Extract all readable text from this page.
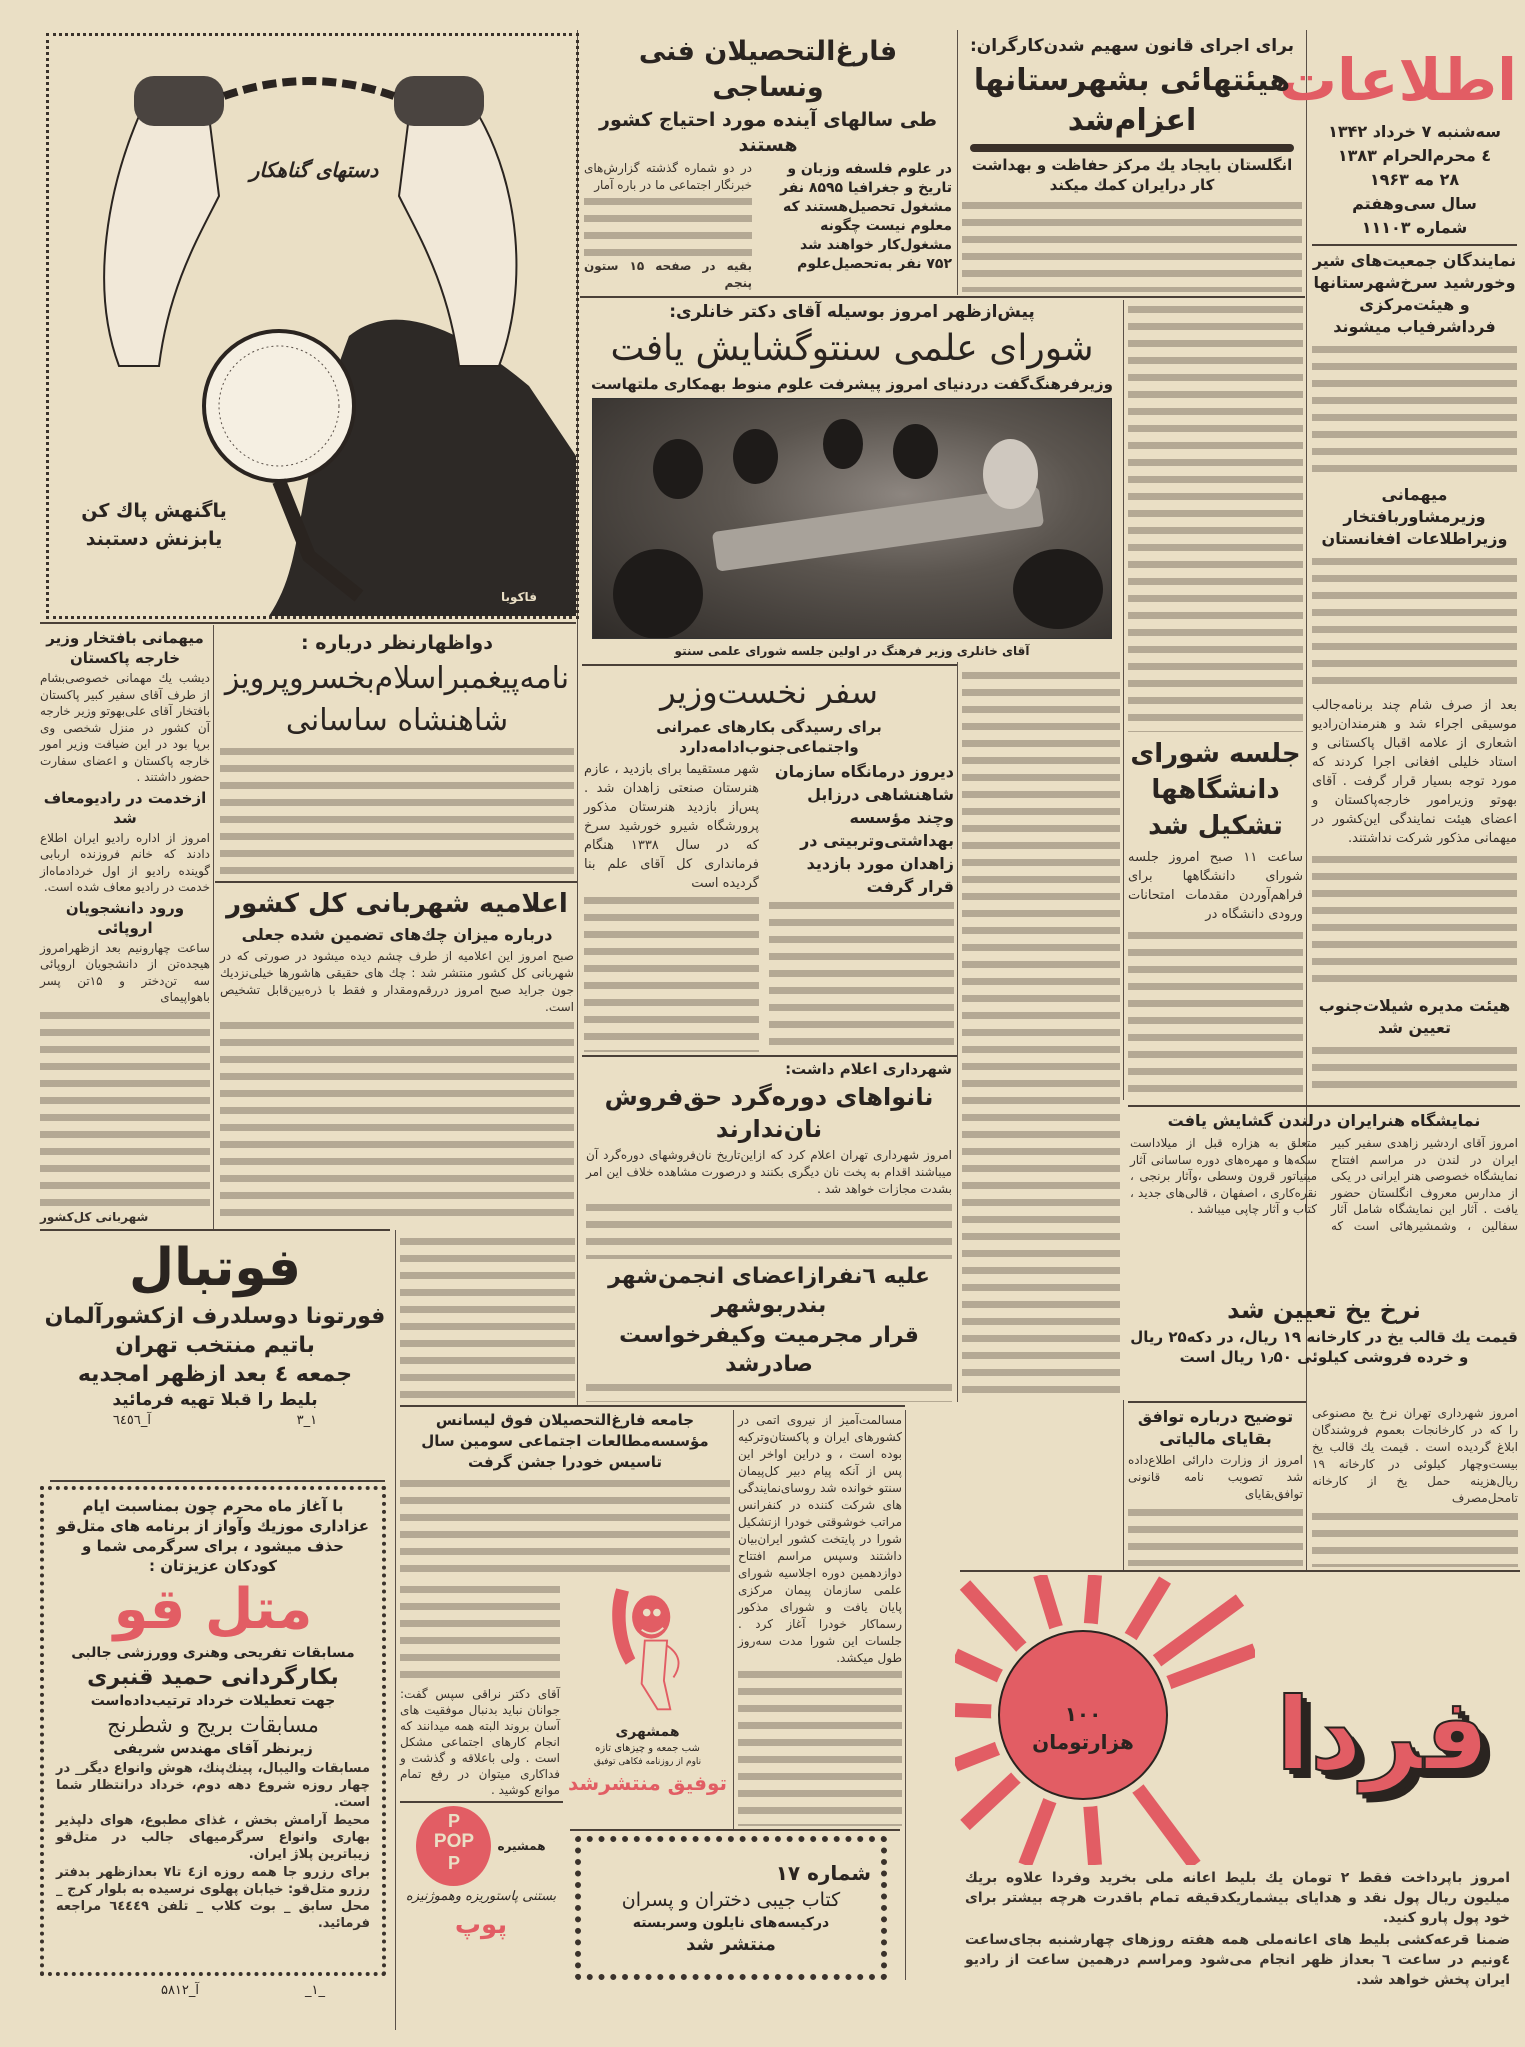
اطلاعات
سه‌شنبه ۷ خرداد ۱۳۴۲
٤ محرم‌الحرام ۱۳۸۳
۲۸ مه ۱۹۶۳
سال سی‌وهفتم
شماره ۱۱۱۰۳
نمایندگان جمعیت‌های شیر وخورشید سرخ‌شهرستانها و هیئت‌مرکزی فرداشرفیاب میشوند
میهمانی وزیرمشاوربافتخار وزیراطلاعات افغانستان
بعد از صرف شام چند برنامه‌جالب موسیقی اجراء شد و هنرمندان‌رادیو اشعاری از علامه اقبال پاکستانی و استاد خلیلی افغانی اجرا کردند که مورد توجه بسیار قرار گرفت . آقای بهوتو وزیرامور خارجه‌پاکستان و اعضای هیئت نمایندگی این‌کشور در میهمانی مذکور شرکت نداشتند.
هیئت مدیره شیلات‌جنوب تعیین شد
برای اجرای قانون سهیم شدن‌کارگران:
هیئتهائی بشهرستانها اعزام‌شد
انگلستان بایجاد یك مرکز حفاظت و بهداشت کار درایران کمك میکند
فارغ‌التحصیلان فنی ونساجی
طی سالهای آینده مورد احتیاج کشور هستند
در علوم فلسفه وزبان و تاریخ و جغرافیا ۸۵۹۵ نفر مشغول تحصیل‌هستند که معلوم نیست چگونه مشغول‌کار خواهند شد
۷۵۲ نفر به‌تحصیل‌علوم
در دو شماره گذشته گزارش‌های خبرنگار اجتماعی ما در باره آمار
بقیه در صفحه ۱۵ ستون پنجم
پیش‌ازظهر امروز بوسیله آقای دکتر خانلری:
شورای علمی سنتوگشایش یافت
وزیرفرهنگ‌گفت دردنیای امروز پیشرفت علوم منوط بهمکاری ملتهاست
آقای خانلری وزیر فرهنگ در اولین جلسه شورای علمی سنتو
جلسه شورای دانشگاهها تشکیل شد
ساعت ۱۱ صبح امروز جلسه شورای دانشگاهها برای فراهم‌آوردن مقدمات امتحانات ورودی دانشگاه در
سفر نخست‌وزیر
برای رسیدگی بکارهای عمرانی واجتماعی‌جنوب‌ادامه‌دارد
دیروز درمانگاه سازمان شاهنشاهی درزابل وچند مؤسسه بهداشتی‌وتربیتی در زاهدان مورد بازدید قرار گرفت
شهر مستقیما برای بازدید ، عازم هنرستان صنعتی زاهدان شد . پس‌از بازدید هنرستان مذکور پرورشگاه شیرو خورشید سرخ که در سال ۱۳۳۸ هنگام فرمانداری کل آقای علم بنا گردیده است
میهمانی بافتخار وزیر خارجه پاکستان
دیشب یك مهمانی خصوصی‌بشام از طرف آقای سفیر کبیر پاکستان بافتخار آقای علی‌بهوتو وزیر خارجه آن کشور در منزل شخصی وی برپا بود در این ضیافت وزیر امور خارجه پاکستان و اعضای سفارت حضور داشتند .
ازخدمت در رادیومعاف شد
امروز از اداره رادیو ایران اطلاع دادند که خانم فروزنده اربابی گوینده رادیو از اول خردادماه‌از خدمت در رادیو معاف شده است.
ورود دانشجویان اروپائی
ساعت چهارونیم بعد ازظهرامروز هیجده‌تن از دانشجویان اروپائی سه تن‌دختر و ۱۵تن پسر باهواپیمای
شهربانی کل‌کشور
دواظهارنظر درباره :
نامه‌پیغمبراسلام‌بخسروپرویز شاهنشاه ساسانی
اعلامیه شهربانی کل کشور
درباره میزان چك‌های تضمین شده جعلی
صبح امروز این اعلامیه از طرف چشم دیده میشود در صورتی که در شهربانی کل کشور منتشر شد : چك های حقیقی هاشورها خیلی‌نزدیك جون جراید صبح امروز دررقم‌ومقدار و فقط با ذره‌بین‌قابل تشخیص است.
شهرداری اعلام داشت:
نانواهای دوره‌گرد حق‌فروش نان‌ندارند
امروز شهرداری تهران اعلام کرد که ازاین‌تاریخ نان‌فروشهای دوره‌گرد آن میباشند اقدام به پخت نان دیگری بکنند و درصورت مشاهده خلاف این امر بشدت مجازات خواهد شد .
علیه ٦نفرازاعضای انجمن‌شهر بندربوشهر
قرار مجرمیت وکیفرخواست صادرشد
نمایشگاه هنرایران درلندن گشایش یافت
امروز آقای اردشیر زاهدی سفیر کبیر ایران در لندن در مراسم افتتاح نمایشگاه خصوصی هنر ایرانی در یکی از مدارس معروف انگلستان حضور یافت . آثار این نمایشگاه شامل آثار سفالین ، وشمشیرهائی است که متعلق به هزاره قبل از میلاداست سکه‌ها و مهره‌های دوره ساسانی آثار مینیاتور قرون وسطی ،وآثار برنجی ، نقره‌کاری ، اصفهان ، قالی‌های جدید ، کتاب و آثار چاپی میباشد .
نرخ یخ تعیین شد
قیمت یك قالب یخ در کارخانه ۱۹ ریال، در دکه‌۲۵ ریال و خرده فروشی کیلوئی ۱٫۵۰ ریال است
امروز شهرداری تهران نرخ یخ مصنوعی را که در کارخانجات بعموم فروشندگان ابلاغ گردیده است . قیمت یك قالب یخ بیست‌وچهار کیلوئی در کارخانه ۱۹ ریال‌هزینه حمل یخ از کارخانه تامحل‌مصرف
توضیح درباره توافق بقایای مالیاتی
امروز از وزارت دارائی اطلاع‌داده شد تصویب نامه قانونی توافق‌بقایای
جامعه فارغ‌التحصیلان فوق لیسانس مؤسسه‌مطالعات اجتماعی سومین سال تاسیس خودرا جشن گرفت
آقای دکتر نراقی سپس گفت: جوانان نباید بدنبال موفقیت های آسان بروند البته همه میدانند که انجام کارهای اجتماعی مشکل است . ولی باعلاقه و گذشت و فداکاری میتوان در رفع تمام موانع کوشید .
مسالمت‌آمیز از نیروی اتمی در کشورهای ایران و پاکستان‌وترکیه بوده است ، و دراین اواخر این پس از آنکه پیام دبیر کل‌پیمان سنتو خوانده شد روسای‌نمایندگی های شرکت کننده در کنفرانس مراتب خوشوقتی خودرا ازتشکیل شورا در پایتخت کشور ایران‌بیان داشتند وسپس مراسم افتتاح دوازدهمین دوره اجلاسیه شورای علمی سازمان پیمان مرکزی پایان یافت و شورای مذکور رسماکار خودرا آغاز کرد . جلسات این شورا مدت سه‌روز طول میکشد.
همشهری
شب جمعه و چیزهای تازه
ناوم از روزنامه فکاهی توفیق
توفیق منتشرشد
همشیره
P
POP
P
بستنی پاستوریزه وهموژنیزه
پوپ
شماره ۱۷
کتاب جیبی دختران و پسران
درکیسه‌های نایلون وسربسته
منتشر شد
۱۰۰ هزارتومان فردا
امروز باپرداخت فقط ۲ تومان یك بلیط اعانه ملی بخرید وفردا علاوه بریك میلیون ریال پول نقد و هدایای بیشماریکدقیقه تمام باقدرت هرچه بیشتر برای خود پول پارو کنید.
ضمنا قرعه‌کشی بلیط های اعانه‌ملی همه هفته روزهای چهارشنبه بجای‌ساعت ٤ونیم در ساعت ٦ بعداز ظهر انجام می‌شود ومراسم درهمین ساعت از رادیو ایران پخش خواهد شد.
دستهای گناهکار
یاگنهش پاك كن
یابزنش دستبند
فاکوبا
فوتبال
فورتونا دوسلدرف ازکشورآلمان
باتیم منتخب تهران
جمعه ٤ بعد ازظهر امجدیه
بلیط را قبلا تهیه فرمائید
۱_۳
آ_٦٤٥٦
با آغاز ماه محرم چون بمناسبت ایام عزاداری موزیك وآواز از برنامه های متل‌قو حذف میشود ، برای سرگرمی شما و کودکان عزیزتان :
متل قو
مسابقات تفریحی وهنری وورزشی جالبی
بکارگردانی حمید قنبری
جهت تعطیلات خرداد ترتیب‌داده‌است
مسابقات بریج و شطرنج
زیرنظر آقای مهندس شریفی
مسابقات والیبال، پینك‌پنك، هوش وانواع دیگر_ در چهار روزه شروع دهه دوم، خرداد درانتظار شما است.
محیط آرامش بخش ، غذای مطبوع، هوای دلپذیر بهاری وانواع سرگرمیهای جالب در متل‌قو زیباترین پلاژ ایران.
برای رزرو جا همه روزه از٤ تا۷ بعدازظهر بدفتر رزرو متل‌قو: خیابان پهلوی نرسیده به بلوار کرج _ محل سابق _ بوت کلاب _ تلفن ٦٤٤٤٩ مراجعه فرمائید.
آ_۵۸۱۲	_۱_
